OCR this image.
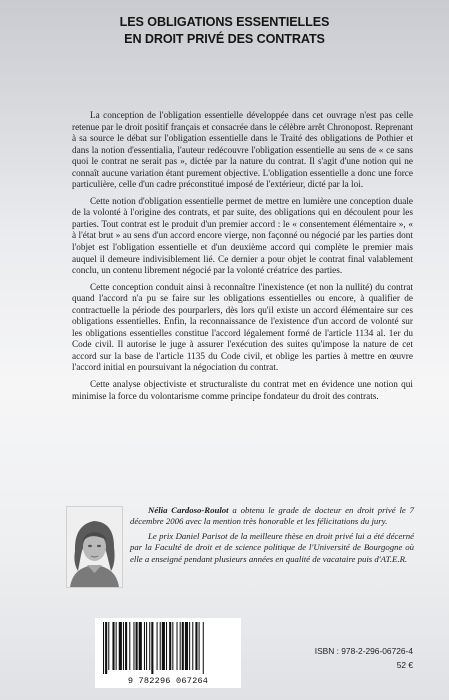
LES OBLIGATIONS ESSENTIELLES
EN DROIT PRIVÉ DES CONTRATS

La conception de l'obligation essentielle développée dans cet ouvrage n'est pas celle retenue par le droit positif français et consacrée dans le célèbre arrêt Chronopost. Reprenant à sa source le débat sur l'obligation essentielle dans le Traité des obligations de Pothier et dans la notion d'essentialia, l'auteur redécouvre l'obligation essentielle au sens de « ce sans quoi le contrat ne serait pas », dictée par la nature du contrat. Il s'agit d'une notion qui ne connaît aucune variation étant purement objective. L'obligation essentielle a donc une force particulière, celle d'un cadre préconstitué imposé de l'extérieur, dicté par la loi.

Cette notion d'obligation essentielle permet de mettre en lumière une conception duale de la volonté à l'origine des contrats, et par suite, des obligations qui en découlent pour les parties. Tout contrat est le produit d'un premier accord : le « consentement élémentaire », « à l'état brut » au sens d'un accord encore vierge, non façonné ou négocié par les parties dont l'objet est l'obligation essentielle et d'un deuxième accord qui complète le premier mais auquel il demeure indivisiblement lié. Ce dernier a pour objet le contrat final valablement conclu, un contenu librement négocié par la volonté créatrice des parties.

Cette conception conduit ainsi à reconnaître l'inexistence (et non la nullité) du contrat quand l'accord n'a pu se faire sur les obligations essentielles ou encore, à qualifier de contractuelle la période des pourparlers, dès lors qu'il existe un accord élémentaire sur ces obligations essentielles. Enfin, la reconnaissance de l'existence d'un accord de volonté sur les obligations essentielles constitue l'accord légalement formé de l'article 1134 al. 1er du Code civil. Il autorise le juge à assurer l'exécution des suites qu'impose la nature de cet accord sur la base de l'article 1135 du Code civil, et oblige les parties à mettre en œuvre l'accord initial en poursuivant la négociation du contrat.

Cette analyse objectiviste et structuraliste du contrat met en évidence une notion qui minimise la force du volontarisme comme principe fondateur du droit des contrats.

Nélia Cardoso-Roulot a obtenu le grade de docteur en droit privé le 7 décembre 2006 avec la mention très honorable et les félicitations du jury.

Le prix Daniel Parisot de la meilleure thèse en droit privé lui a été décerné par la Faculté de droit et de science politique de l'Université de Bourgogne où elle a enseigné pendant plusieurs années en qualité de vacataire puis d'AT.E.R.

9 782296 067264
ISBN : 978-2-296-06726-4
52 €
